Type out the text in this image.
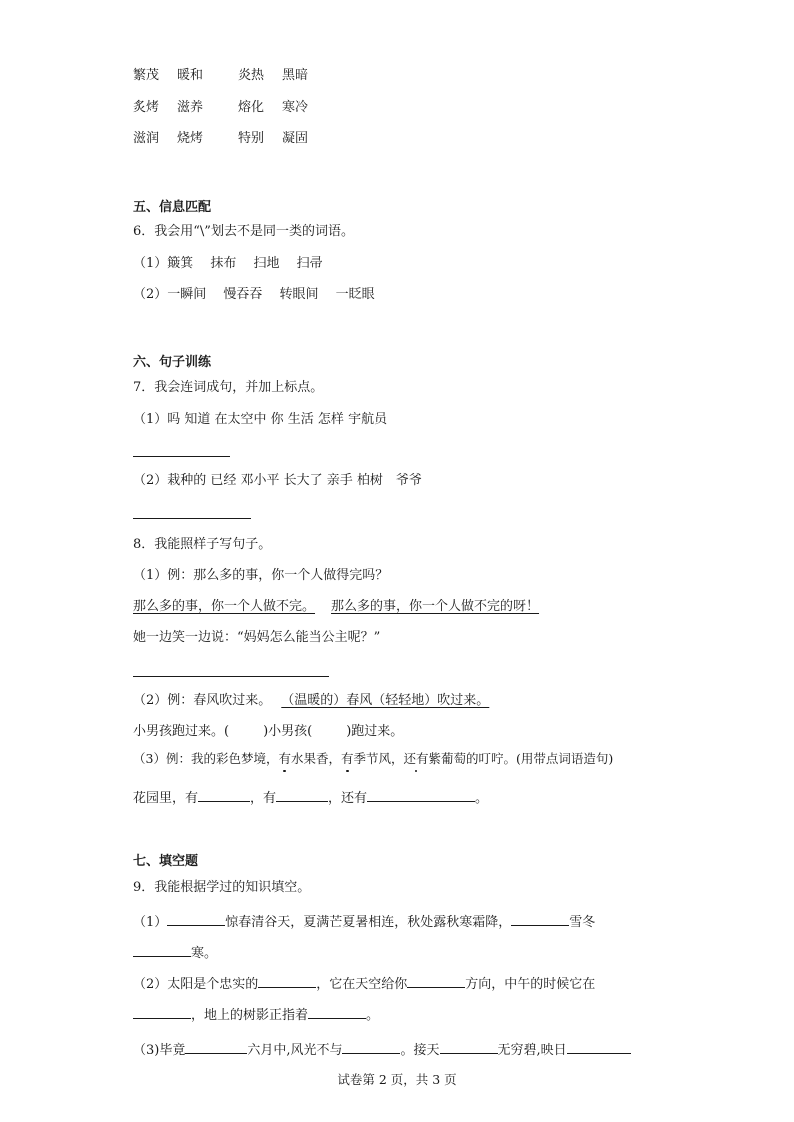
繁茂 暖和	炎热 黑暗
炙烤 滋养	熔化 寒冷
滋润 烧烤	特别 凝固
五、信息匹配
6．我会用“\”划去不是同一类的词语。
（1）簸箕　 抹布　 扫地　 扫帚
（2）一瞬间　 慢吞吞　 转眼间　 一眨眼
六、句子训练
7．我会连词成句，并加上标点。
（1）吗 知道 在太空中 你 生活 怎样 宇航员
（2）栽种的 已经 邓小平 长大了 亲手 柏树　爷爷
8．我能照样子写句子。
（1）例：那么多的事，你一个人做得完吗？
那么多的事，你一个人做不完。 那么多的事，你一个人做不完的呀！
她一边笑一边说：“妈妈怎么能当公主呢？”
（2）例：春风吹过来。 （温暖的）春风（轻轻地）吹过来。
小男孩跑过来。(	)小男孩(	)跑过来。
（3）例：我的彩色梦境，有水果香，有季节风，还有紫葡萄的叮咛。(用带点词语造句)
花园里，有	，有	，还有	。
七、填空题
9．我能根据学过的知识填空。
（1）	惊春清谷天，夏满芒夏暑相连，秋处露秋寒霜降，	雪冬
寒。
（2）太阳是个忠实的	，它在天空给你	方向，中午的时候它在
，地上的树影正指着	。
（3)毕竟	六月中,风光不与	。接天	无穷碧,映日
试卷第 2 页，共 3 页
